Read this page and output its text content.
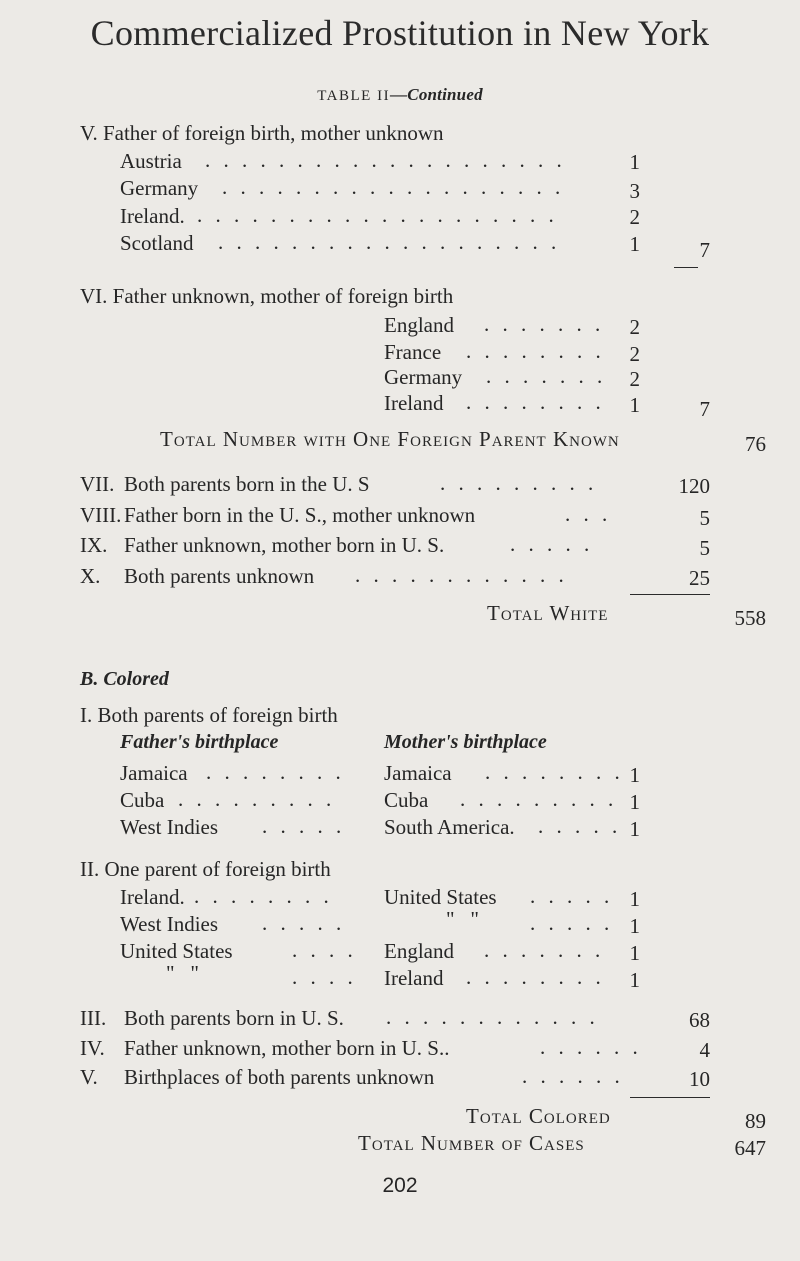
Commercialized Prostitution in New York
TABLE II—Continued
V. Father of foreign birth, mother unknown
Austria . . . . . . . . . . . . . . . . . . . .	1
Germany . . . . . . . . . . . . . . . . . . .	3
Ireland. . . . . . . . . . . . . . . . . . . . .	2
Scotland . . . . . . . . . . . . . . . . . . .	1	7
VI. Father unknown, mother of foreign birth
England . . . . . . .	2
France . . . . . . . .	2
Germany . . . . . . .	2
Ireland . . . . . . . .	1	7
Total Number with One Foreign Parent Known	76
VII. Both parents born in the U. S	. . . . . . . . .	120
VIII. Father born in the U. S., mother unknown	. . .	5
IX. Father unknown, mother born in U. S.	. . . . .	5
X. Both parents unknown . . . . . . . . . . . .	25
Total White	558
B. Colored
I. Both parents of foreign birth
Father's birthplace	Mother's birthplace
Jamaica . . . . . . . . Jamaica . . . . . . . . 1
Cuba . . . . . . . . . Cuba . . . . . . . . . 1
West Indies . . . . . South America. . . . . . 1
II. One parent of foreign birth
Ireland. . . . . . . . . United States . . . . . 1
West Indies . . . . .	"   " . . . . . 1
United States	. . . . England . . . . . . .	1
"   "	. . . . Ireland . . . . . . . .	1
III. Both parents born in U. S. . . . . . . . . . . . .	68
IV. Father unknown, mother born in U. S..	. . . . . .	4
V. Birthplaces of both parents unknown	. . . . . .	10
Total Colored	89
Total Number of Cases	647
202
